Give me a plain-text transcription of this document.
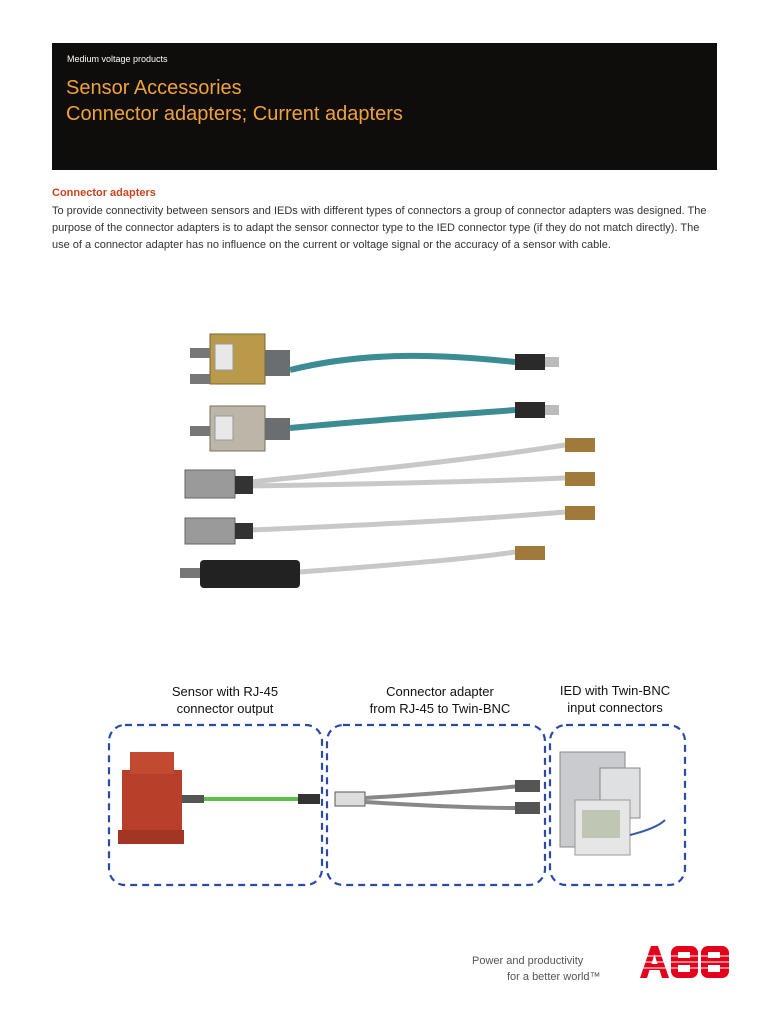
Medium voltage products
Sensor Accessories
Connector adapters; Current adapters
Connector adapters
To provide connectivity between sensors and IEDs with different types of connectors a group of connector adapters was designed. The purpose of the connector adapters is to adapt the sensor connector type to the IED connector type (if they do not match directly). The use of a connector adapter has no influence on the current or voltage signal or the accuracy of a sensor with cable.
Sensor with RJ-45
connector output
Connector adapter
from RJ-45 to Twin-BNC
IED with Twin-BNC
input connectors
Power and productivity
for a better world™
